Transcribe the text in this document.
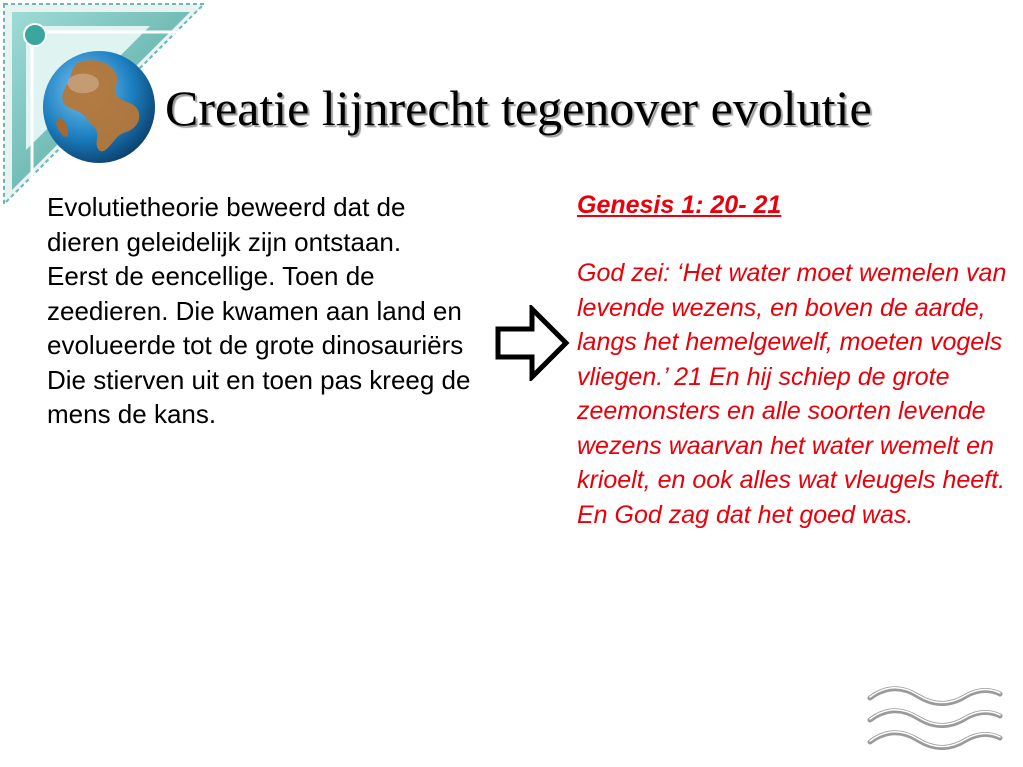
Creatie lijnrecht tegenover evolutie

Evolutietheorie beweerd dat de dieren geleidelijk zijn ontstaan.

Eerst de eencellige. Toen de zeedieren. Die kwamen aan land en evolueerde tot de grote dinosauriërs Die stierven uit en toen pas kreeg de mens de kans.

Genesis 1: 20- 21
God zei: ‘Het water moet wemelen van levende wezens, en boven de aarde, langs het hemelgewelf, moeten vogels vliegen.’ 21 En hij schiep de grote zeemonsters en alle soorten levende wezens waarvan het water wemelt en krioelt, en ook alles wat vleugels heeft. En God zag dat het goed was.
